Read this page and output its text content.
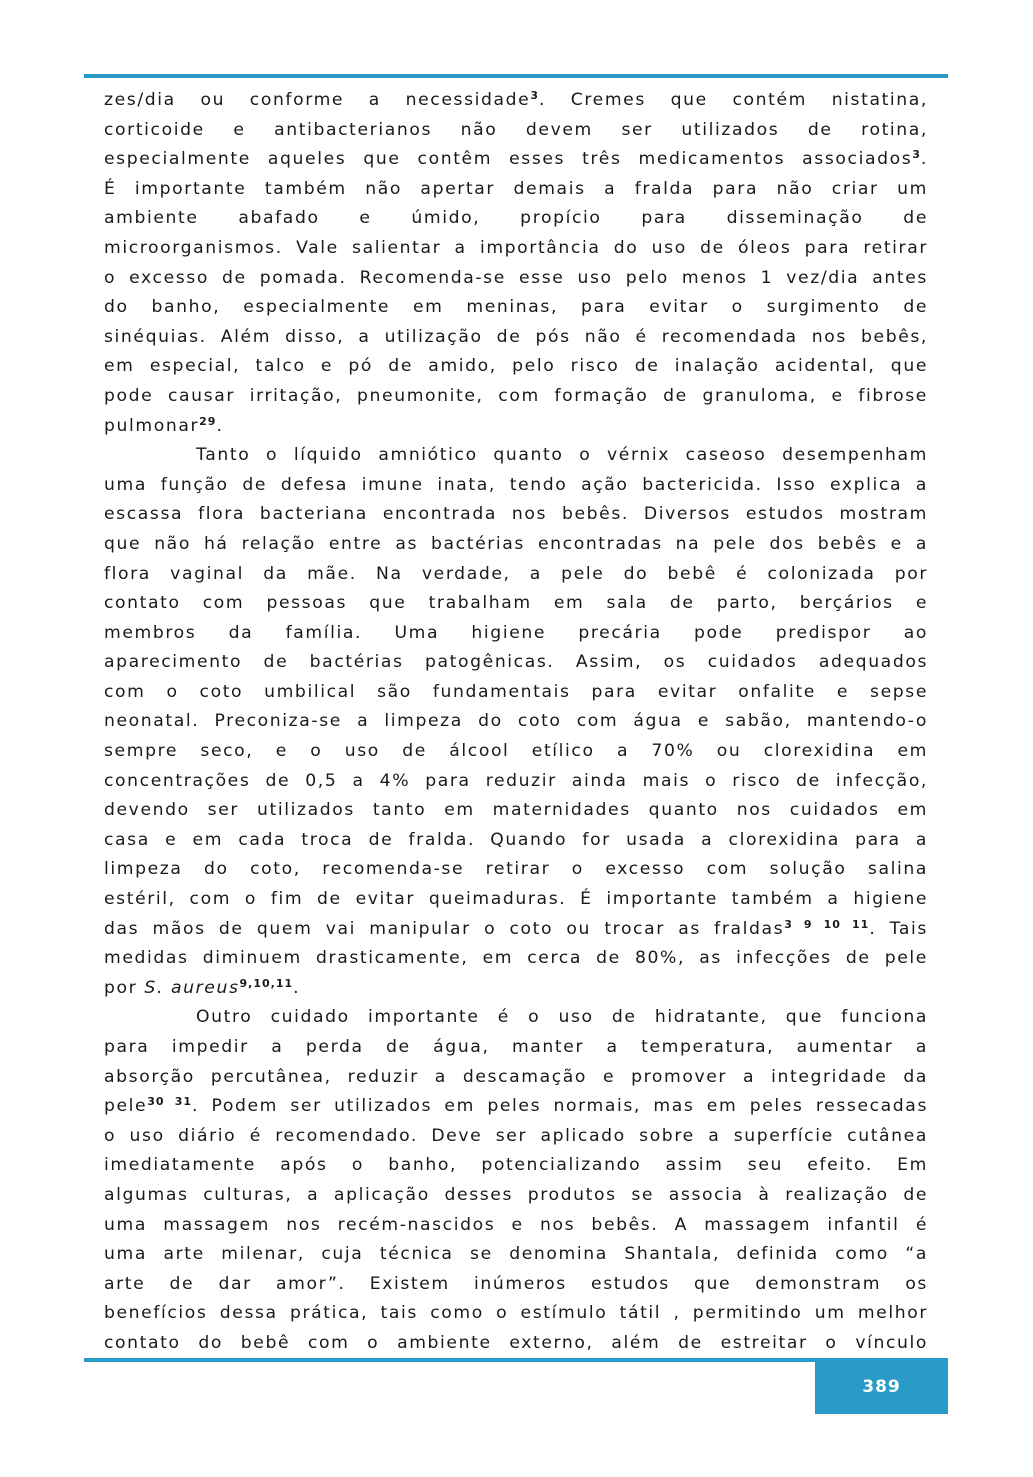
zes/dia ou conforme a necessidade$^3$. Cremes que contém nistatina,
corticoide e antibacterianos não devem ser utilizados de rotina,
especialmente aqueles que contêm esses três medicamentos associados$^3$.
É importante também não apertar demais a fralda para não criar um
ambiente abafado e úmido, propício para disseminação de
microorganismos. Vale salientar a importância do uso de óleos para retirar
o excesso de pomada. Recomenda-se esse uso pelo menos 1 vez/dia antes
do banho, especialmente em meninas, para evitar o surgimento de
sinéquias. Além disso, a utilização de pós não é recomendada nos bebês,
em especial, talco e pó de amido, pelo risco de inalação acidental, que
pode causar irritação, pneumonite, com formação de granuloma, e fibrose
pulmonar$^{29}$.
Tanto o líquido amniótico quanto o vérnix caseoso desempenham
uma função de defesa imune inata, tendo ação bactericida. Isso explica a
escassa flora bacteriana encontrada nos bebês. Diversos estudos mostram
que não há relação entre as bactérias encontradas na pele dos bebês e a
flora vaginal da mãe. Na verdade, a pele do bebê é colonizada por
contato com pessoas que trabalham em sala de parto, berçários e
membros da família. Uma higiene precária pode predispor ao
aparecimento de bactérias patogênicas. Assim, os cuidados adequados
com o coto umbilical são fundamentais para evitar onfalite e sepse
neonatal. Preconiza-se a limpeza do coto com água e sabão, mantendo-o
sempre seco, e o uso de álcool etílico a 70% ou clorexidina em
concentrações de 0,5 a 4% para reduzir ainda mais o risco de infecção,
devendo ser utilizados tanto em maternidades quanto nos cuidados em
casa e em cada troca de fralda. Quando for usada a clorexidina para a
limpeza do coto, recomenda-se retirar o excesso com solução salina
estéril, com o fim de evitar queimaduras. É importante também a higiene
das mãos de quem vai manipular o coto ou trocar as fraldas$^{3 9 10 11}$. Tais
medidas diminuem drasticamente, em cerca de 80%, as infecções de pele
por S. aureus$^{9,10,11}$.
Outro cuidado importante é o uso de hidratante, que funciona
para impedir a perda de água, manter a temperatura, aumentar a
absorção percutânea, reduzir a descamação e promover a integridade da
pele$^{30 31}$. Podem ser utilizados em peles normais, mas em peles ressecadas
o uso diário é recomendado. Deve ser aplicado sobre a superfície cutânea
imediatamente após o banho, potencializando assim seu efeito. Em
algumas culturas, a aplicação desses produtos se associa à realização de
uma massagem nos recém-nascidos e nos bebês. A massagem infantil é
uma arte milenar, cuja técnica se denomina Shantala, definida como “a
arte de dar amor”. Existem inúmeros estudos que demonstram os
benefícios dessa prática, tais como o estímulo tátil , permitindo um melhor
contato do bebê com o ambiente externo, além de estreitar o vínculo
389
